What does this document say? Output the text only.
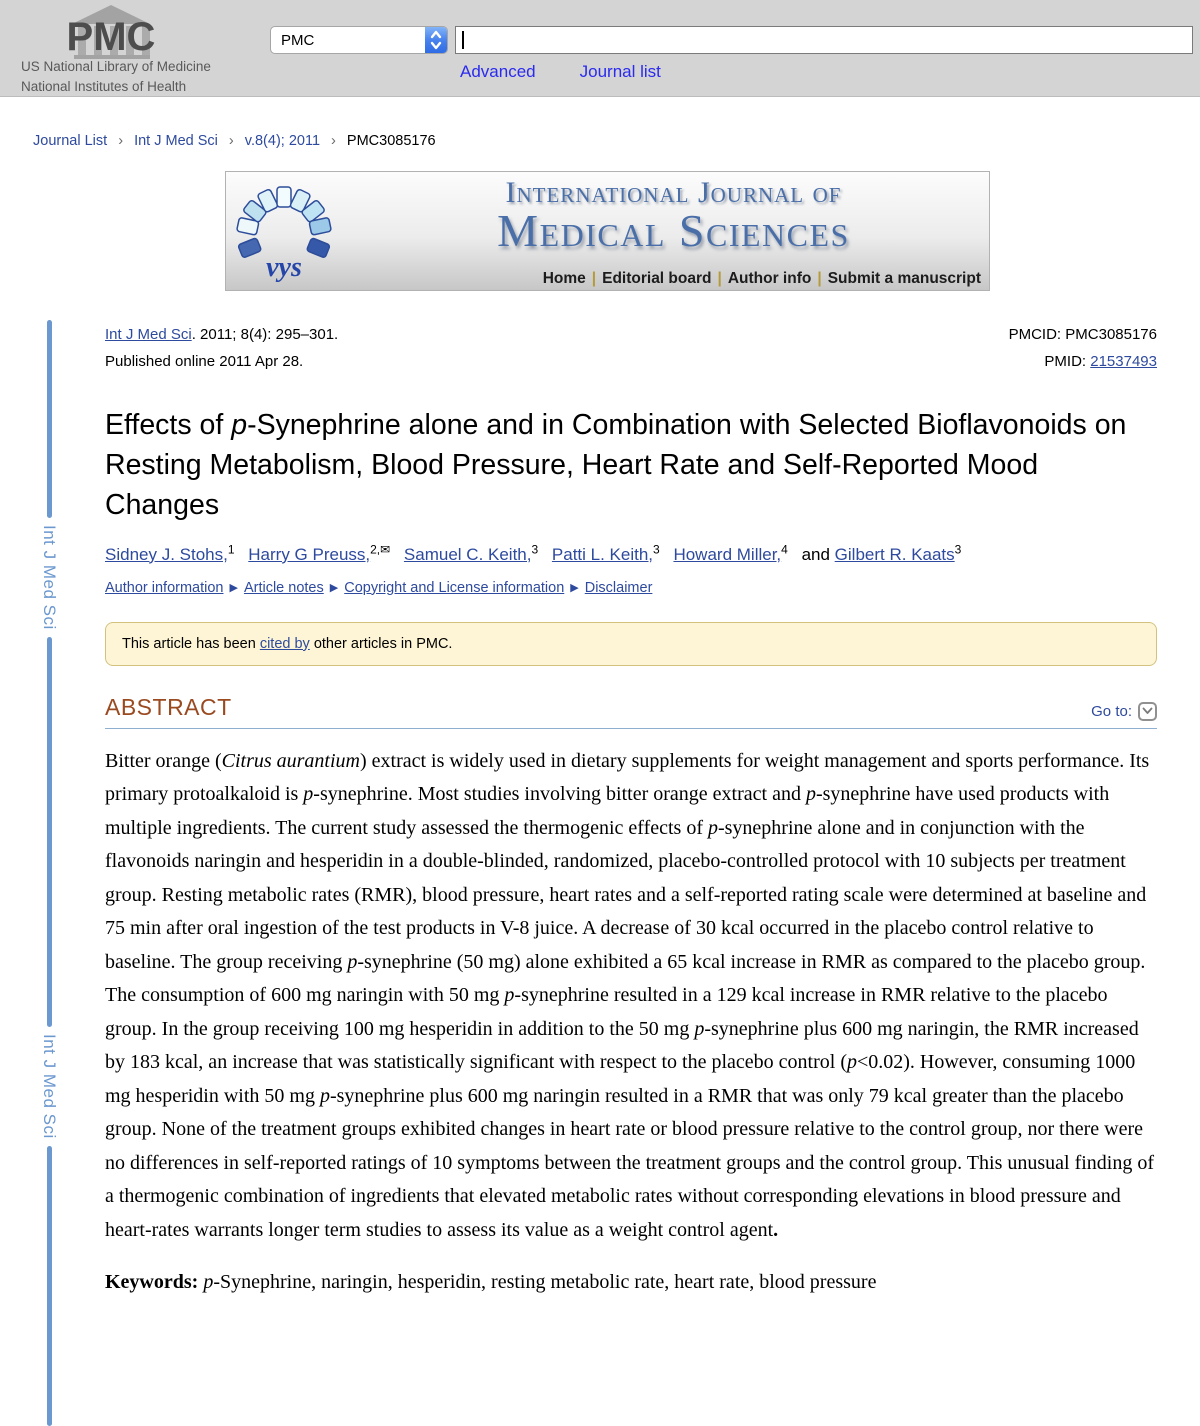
PMC
US National Library of Medicine
National Institutes of Health
PMC
Advanced	Journal list
Journal List › Int J Med Sci › v.8(4); 2011 › PMC3085176
vys
International Journal of
Medical Sciences
Home | Editorial board | Author info | Submit a manuscript
Int J Med Sci
Int J Med Sci
Int J Med Sci. 2011; 8(4): 295–301.
Published online 2011 Apr 28.
PMCID: PMC3085176
PMID: 21537493
Effects of p-Synephrine alone and in Combination with Selected Bioflavonoids on Resting Metabolism, Blood Pressure, Heart Rate and Self-Reported Mood Changes
Sidney J. Stohs,$^1$ Harry G Preuss,$^{2,✉}$ Samuel C. Keith,$^3$ Patti L. Keith,$^3$ Howard Miller,$^4$ and Gilbert R. Kaats$^3$
Author information ▶ Article notes ▶ Copyright and License information ▶ Disclaimer
This article has been cited by other articles in PMC.
ABSTRACT	Go to:

Bitter orange (Citrus aurantium) extract is widely used in dietary supplements for weight management and sports performance. Its primary protoalkaloid is p-synephrine. Most studies involving bitter orange extract and p-synephrine have used products with multiple ingredients. The current study assessed the thermogenic effects of p-synephrine alone and in conjunction with the flavonoids naringin and hesperidin in a double-blinded, randomized, placebo-controlled protocol with 10 subjects per treatment group. Resting metabolic rates (RMR), blood pressure, heart rates and a self-reported rating scale were determined at baseline and 75 min after oral ingestion of the test products in V-8 juice. A decrease of 30 kcal occurred in the placebo control relative to baseline. The group receiving p-synephrine (50 mg) alone exhibited a 65 kcal increase in RMR as compared to the placebo group. The consumption of 600 mg naringin with 50 mg p-synephrine resulted in a 129 kcal increase in RMR relative to the placebo group. In the group receiving 100 mg hesperidin in addition to the 50 mg p-synephrine plus 600 mg naringin, the RMR increased by 183 kcal, an increase that was statistically significant with respect to the placebo control (p<0.02). However, consuming 1000 mg hesperidin with 50 mg p-synephrine plus 600 mg naringin resulted in a RMR that was only 79 kcal greater than the placebo group. None of the treatment groups exhibited changes in heart rate or blood pressure relative to the control group, nor there were no differences in self-reported ratings of 10 symptoms between the treatment groups and the control group. This unusual finding of a thermogenic combination of ingredients that elevated metabolic rates without corresponding elevations in blood pressure and heart-rates warrants longer term studies to assess its value as a weight control agent.

Keywords: p-Synephrine, naringin, hesperidin, resting metabolic rate, heart rate, blood pressure
